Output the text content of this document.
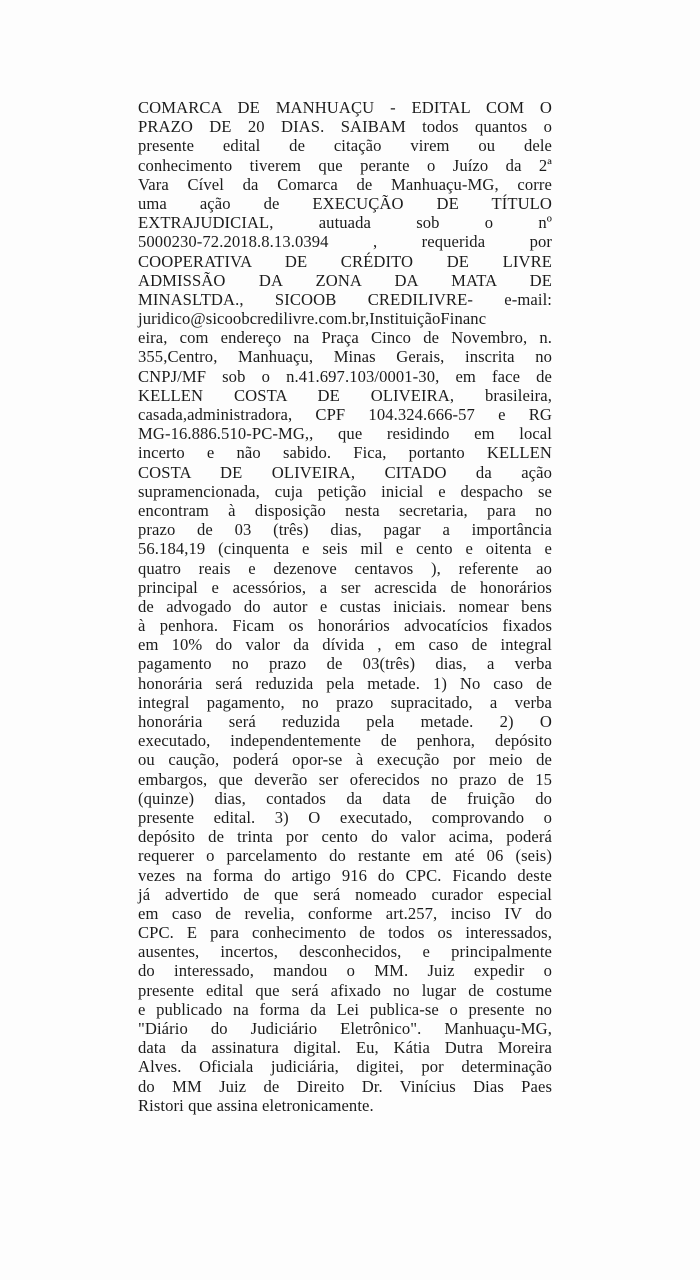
COMARCA DE MANHUAÇU - EDITAL COM O
PRAZO DE 20 DIAS. SAIBAM todos quantos o
presente edital de citação virem ou dele
conhecimento tiverem que perante o Juízo da 2ª
Vara Cível da Comarca de Manhuaçu-MG, corre
uma ação de EXECUÇÃO DE TÍTULO
EXTRAJUDICIAL, autuada sob o nº
5000230-72.2018.8.13.0394 , requerida por
COOPERATIVA DE CRÉDITO DE LIVRE
ADMISSÃO DA ZONA DA MATA DE
MINASLTDA., SICOOB CREDILIVRE- e-mail:
juridico@sicoobcredilivre.com.br,InstituiçãoFinanc
eira, com endereço na Praça Cinco de Novembro, n.
355,Centro, Manhuaçu, Minas Gerais, inscrita no
CNPJ/MF sob o n.41.697.103/0001-30, em face de
KELLEN COSTA DE OLIVEIRA, brasileira,
casada,administradora, CPF 104.324.666-57 e RG
MG-16.886.510-PC-MG,, que residindo em local
incerto e não sabido. Fica, portanto KELLEN
COSTA DE OLIVEIRA, CITADO da ação
supramencionada, cuja petição inicial e despacho se
encontram à disposição nesta secretaria, para no
prazo de 03 (três) dias, pagar a importância
56.184,19 (cinquenta e seis mil e cento e oitenta e
quatro reais e dezenove centavos ), referente ao
principal e acessórios, a ser acrescida de honorários
de advogado do autor e custas iniciais. nomear bens
à penhora. Ficam os honorários advocatícios fixados
em 10% do valor da dívida , em caso de integral
pagamento no prazo de 03(três) dias, a verba
honorária será reduzida pela metade. 1) No caso de
integral pagamento, no prazo supracitado, a verba
honorária será reduzida pela metade. 2) O
executado, independentemente de penhora, depósito
ou caução, poderá opor-se à execução por meio de
embargos, que deverão ser oferecidos no prazo de 15
(quinze) dias, contados da data de fruição do
presente edital. 3) O executado, comprovando o
depósito de trinta por cento do valor acima, poderá
requerer o parcelamento do restante em até 06 (seis)
vezes na forma do artigo 916 do CPC. Ficando deste
já advertido de que será nomeado curador especial
em caso de revelia, conforme art.257, inciso IV do
CPC. E para conhecimento de todos os interessados,
ausentes, incertos, desconhecidos, e principalmente
do interessado, mandou o MM. Juiz expedir o
presente edital que será afixado no lugar de costume
e publicado na forma da Lei publica-se o presente no
"Diário do Judiciário Eletrônico". Manhuaçu-MG,
data da assinatura digital. Eu, Kátia Dutra Moreira
Alves. Oficiala judiciária, digitei, por determinação
do MM Juiz de Direito Dr. Vinícius Dias Paes
Ristori que assina eletronicamente.
